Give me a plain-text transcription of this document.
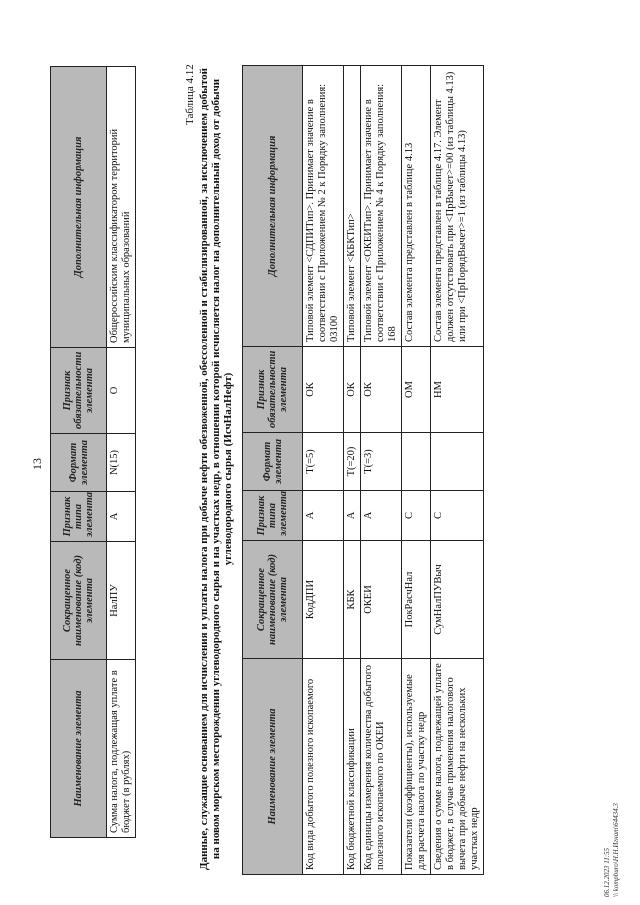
13
Наименование элемента	Сокращенное наименование (код) элемента	Признак типа элемента	Формат элемента	Признак обязательности элемента	Дополнительная информация
Сумма налога, подлежащая уплате в бюджет (в рублях)	НалПУ	А	N(15)	О	Общероссийским классификатором территорий муниципальных образований
Таблица 4.12 Данные, служащие основанием для исчисления и уплаты налога при добыче нефти обезвоженной, обессоленной и стабилизированной, за исключением добытой на новом морском месторождении углеводородного сырья и на участках недр, в отношении которой исчисляется налог на дополнительный доход от добычи углеводородного сырья (ИсчНалНефт)
Наименование элемента	Сокращенное наименование (код) элемента	Признак типа элемента	Формат элемента	Признак обязательности элемента	Дополнительная информация
Код вида добытого полезного ископаемого	КодДПИ	А	Т(=5)	ОК	Типовой элемент <СДПИТип>. Принимает значение в соответствии с Приложением № 2 к Порядку заполнения: 03100
Код бюджетной классификации	КБК	А	Т(=20)	ОК	Типовой элемент <КБКТип>
Код единицы измерения количества добытого полезного ископаемого по ОКЕИ	ОКЕИ	А	Т(=3)	ОК	Типовой элемент <ОКЕИТип>. Принимает значение в соответствии с Приложением № 4 к Порядку заполнения: 168
Показатели (коэффициенты), используемые для расчета налога по участку недр	ПокРасчНал	С		ОМ	Состав элемента представлен в таблице 4.13
Сведения о сумме налога, подлежащей уплате в бюджет, в случае применения налогового вычета при добыче нефти на нескольких участках недр	СумНалПУВыч	С		НМ	Состав элемента представлен в таблице 4.17. Элемент должен отсутствовать при <ПрВычет>=00 (из таблицы 4.13) или при <ПрПорядВычет>=1 (из таблицы 4.13)
06.12.2023 11:55 \\ kompburo\Н.Н.Игнат\64434.3
